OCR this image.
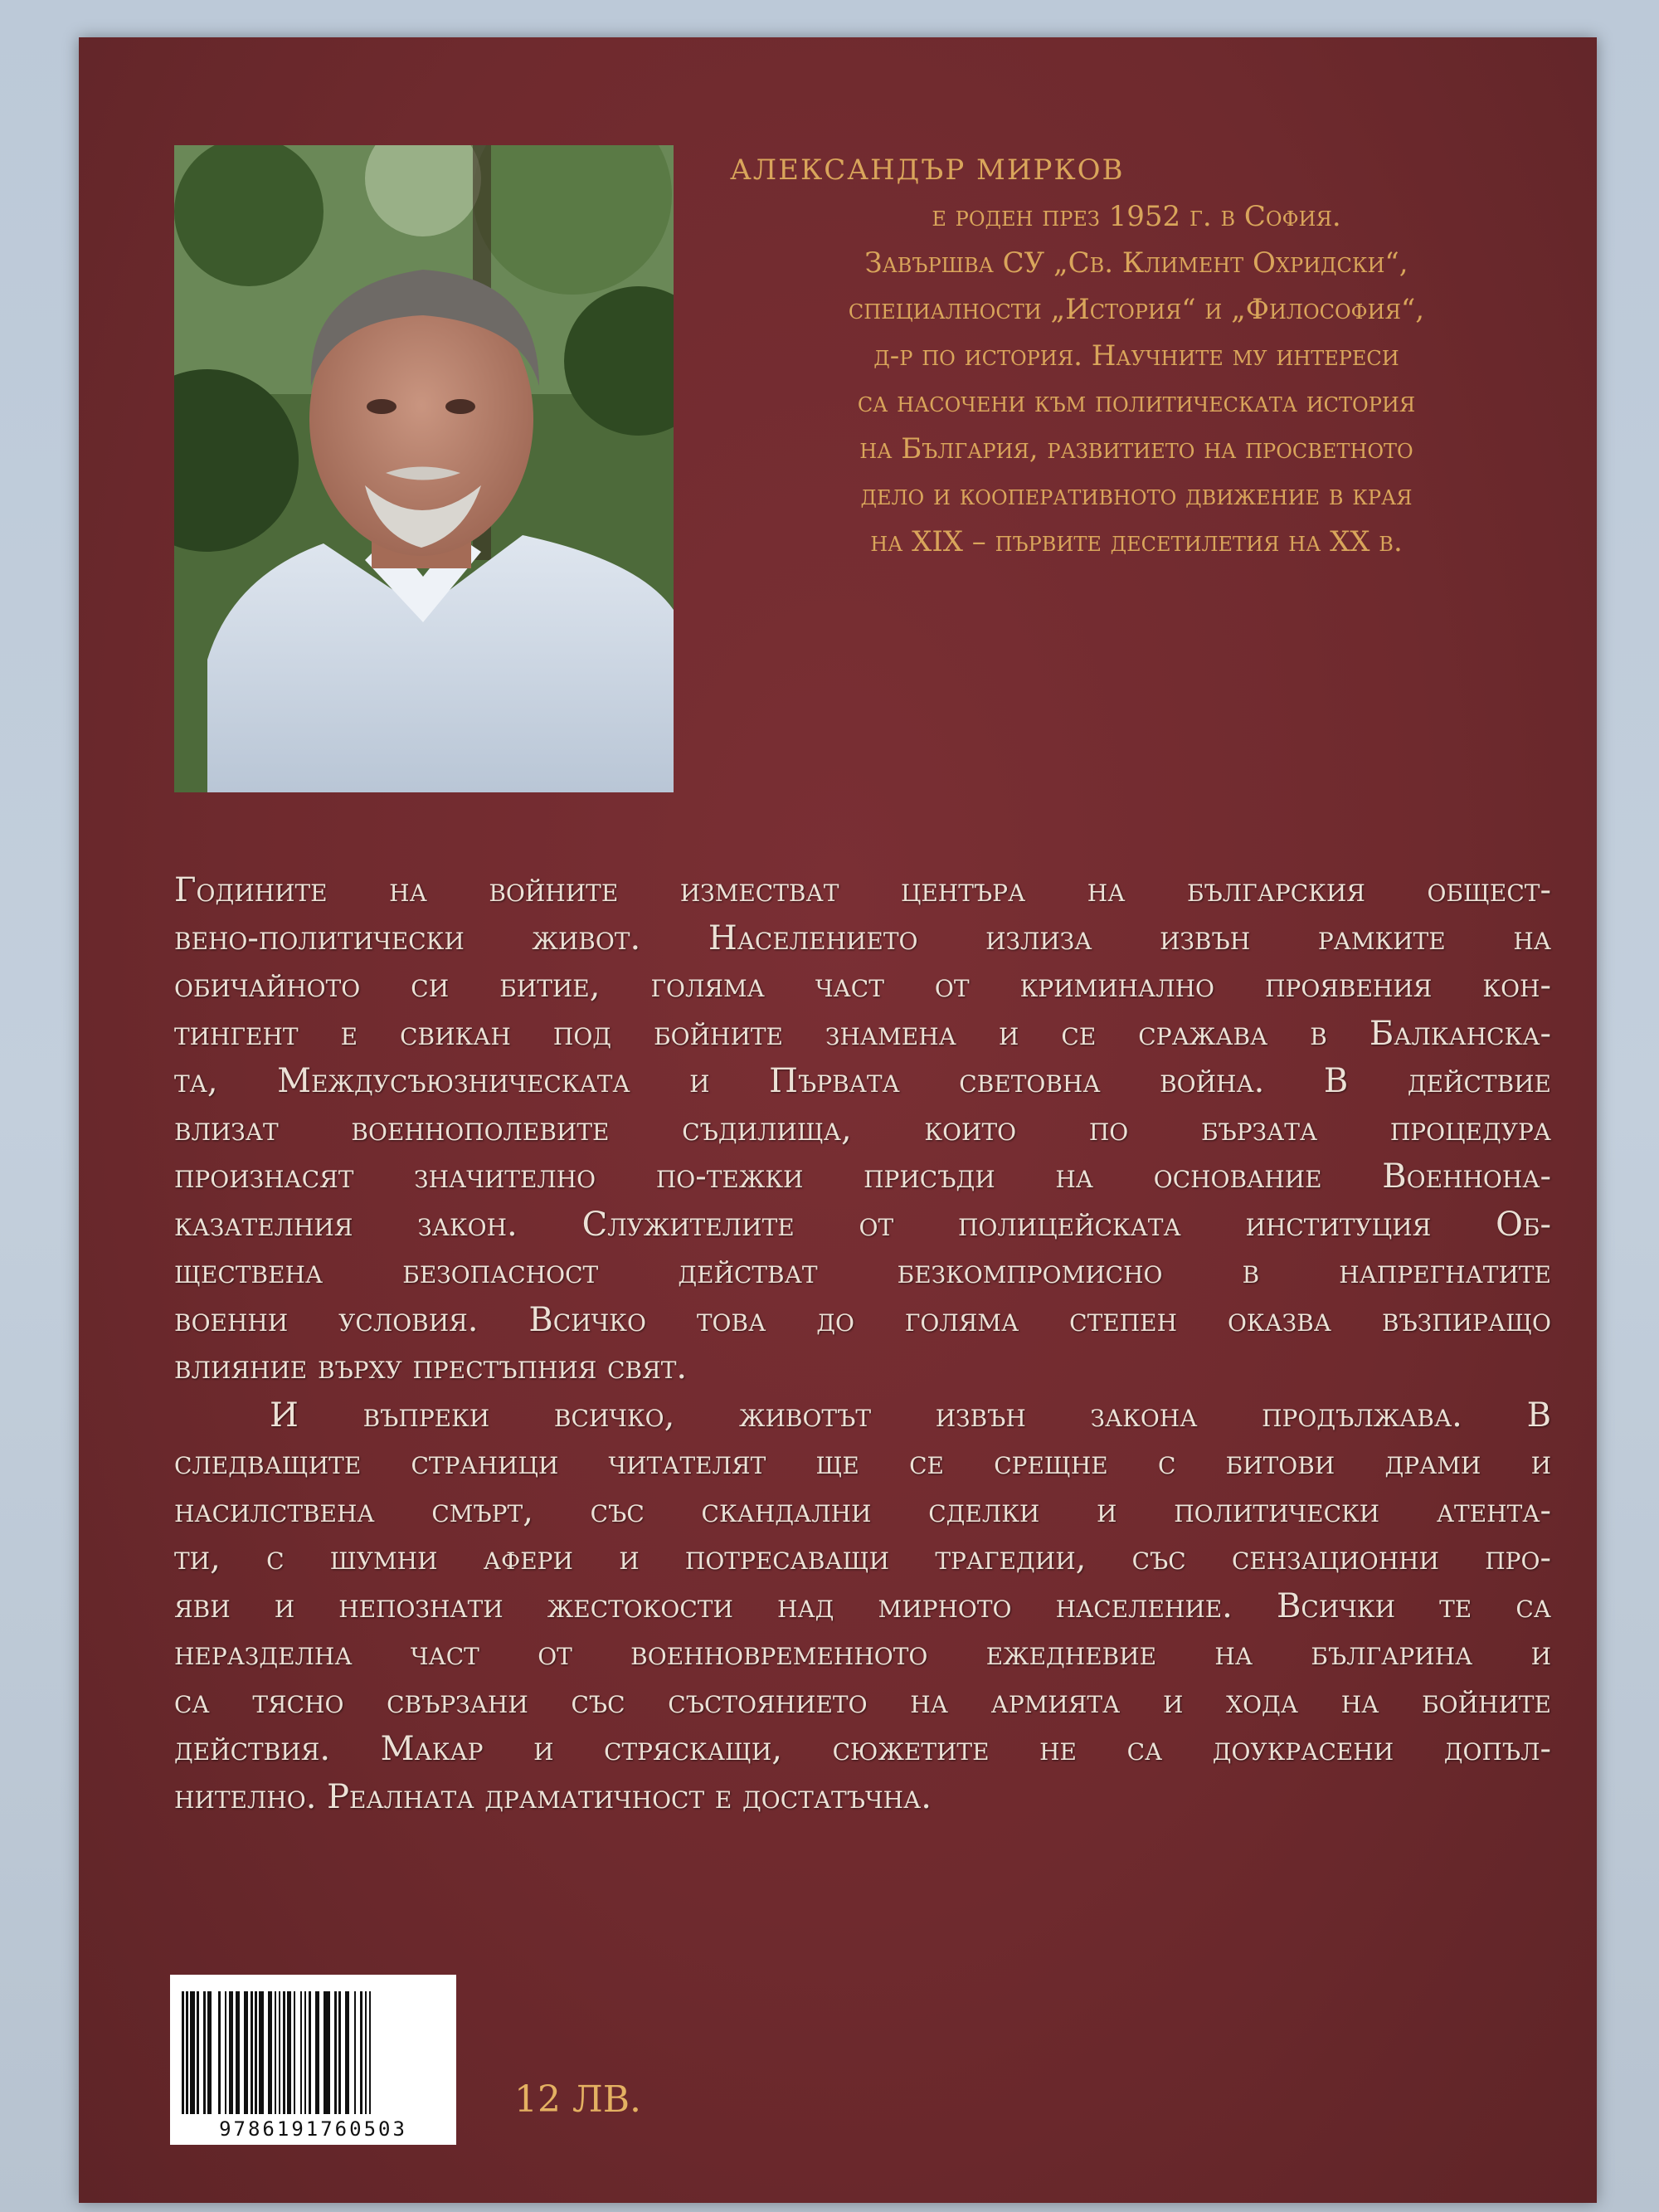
АЛЕКСАНДЪР МИРКОВ
е роден през 1952 г. в София.
Завършва СУ „Св. Климент Охридски“,
специалности „История“ и „Философия“,
д-р по история. Научните му интереси
са насочени към политическата история
на България, развитието на просветното
дело и кооперативното движение в края
на XIX – първите десетилетия на XX в.
Годините на войните изместват центъра на българския общест-
вено-политически живот. Населението излиза извън рамките на
обичайното си битие, голяма част от криминално проявения кон-
тингент е свикан под бойните знамена и се сражава в Балканска-
та, Междусъюзническата и Първата световна война. В действие
влизат военнополевите съдилища, които по бързата процедура
произнасят значително по-тежки присъди на основание Военнона-
казателния закон. Служителите от полицейската институция Об-
ществена безопасност действат безкомпромисно в напрегнатите
военни условия. Всичко това до голяма степен оказва възпиращо
влияние върху престъпния свят.
И въпреки всичко, животът извън закона продължава. В
следващите страници читателят ще се срещне с битови драми и
насилствена смърт, със скандални сделки и политически атента-
ти, с шумни афери и потресаващи трагедии, със сензационни про-
яви и непознати жестокости над мирното население. Всички те са
неразделна част от военновременното ежедневие на българина и
са тясно свързани със състоянието на армията и хода на бойните
действия. Макар и стряскащи, сюжетите не са доукрасени допъл-
нително. Реалната драматичност е достатъчна.
9786191760503
12 ЛВ.
